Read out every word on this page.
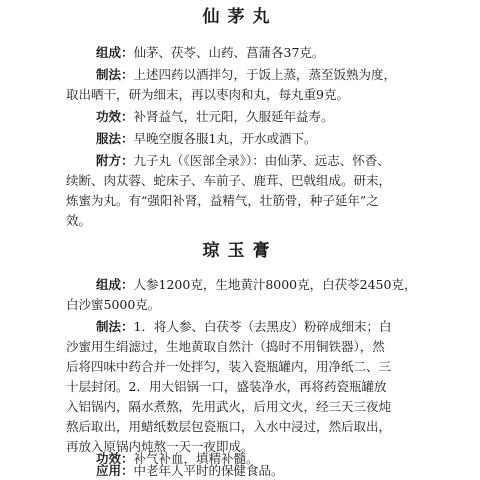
仙茅丸
组成：仙茅、茯苓、山药、菖蒲各37克。
制法：上述四药以酒拌匀，于饭上蒸，蒸至饭熟为度，
取出晒干，研为细末，再以枣肉和丸，每丸重9克。
功效：补肾益气，壮元阳，久服延年益寿。
服法：早晚空腹各服1丸，开水或酒下。
附方：九子丸（《医部全录》）：由仙茅、远志、怀香、
续断、肉苁蓉、蛇床子、车前子、鹿茸、巴戟组成。研末，
炼蜜为丸。有“强阳补肾，益精气，壮筋骨，种子延年”之
效。
琼玉膏
组成：人参1200克，生地黄汁8000克，白茯苓2450克，
白沙蜜5000克。
制法：1．将人参、白茯苓（去黑皮）粉碎成细末；白
沙蜜用生绢滤过，生地黄取自然汁（捣时不用铜铁器），然
后将四味中药合并一处拌匀，装入瓷瓶罐内，用净纸二、三
十层封闭。2．用大铝锅一口，盛装净水，再将药瓷瓶罐放
入铝锅内，隔水煮熬，先用武火，后用文火，经三天三夜炖
熬后取出，用蜡纸数层包瓷瓶口，入水中浸过，然后取出，
再放入原锅内炖熬一天一夜即成。
功效：补气补血，填精补髓。
应用：中老年人平时的保健食品。
